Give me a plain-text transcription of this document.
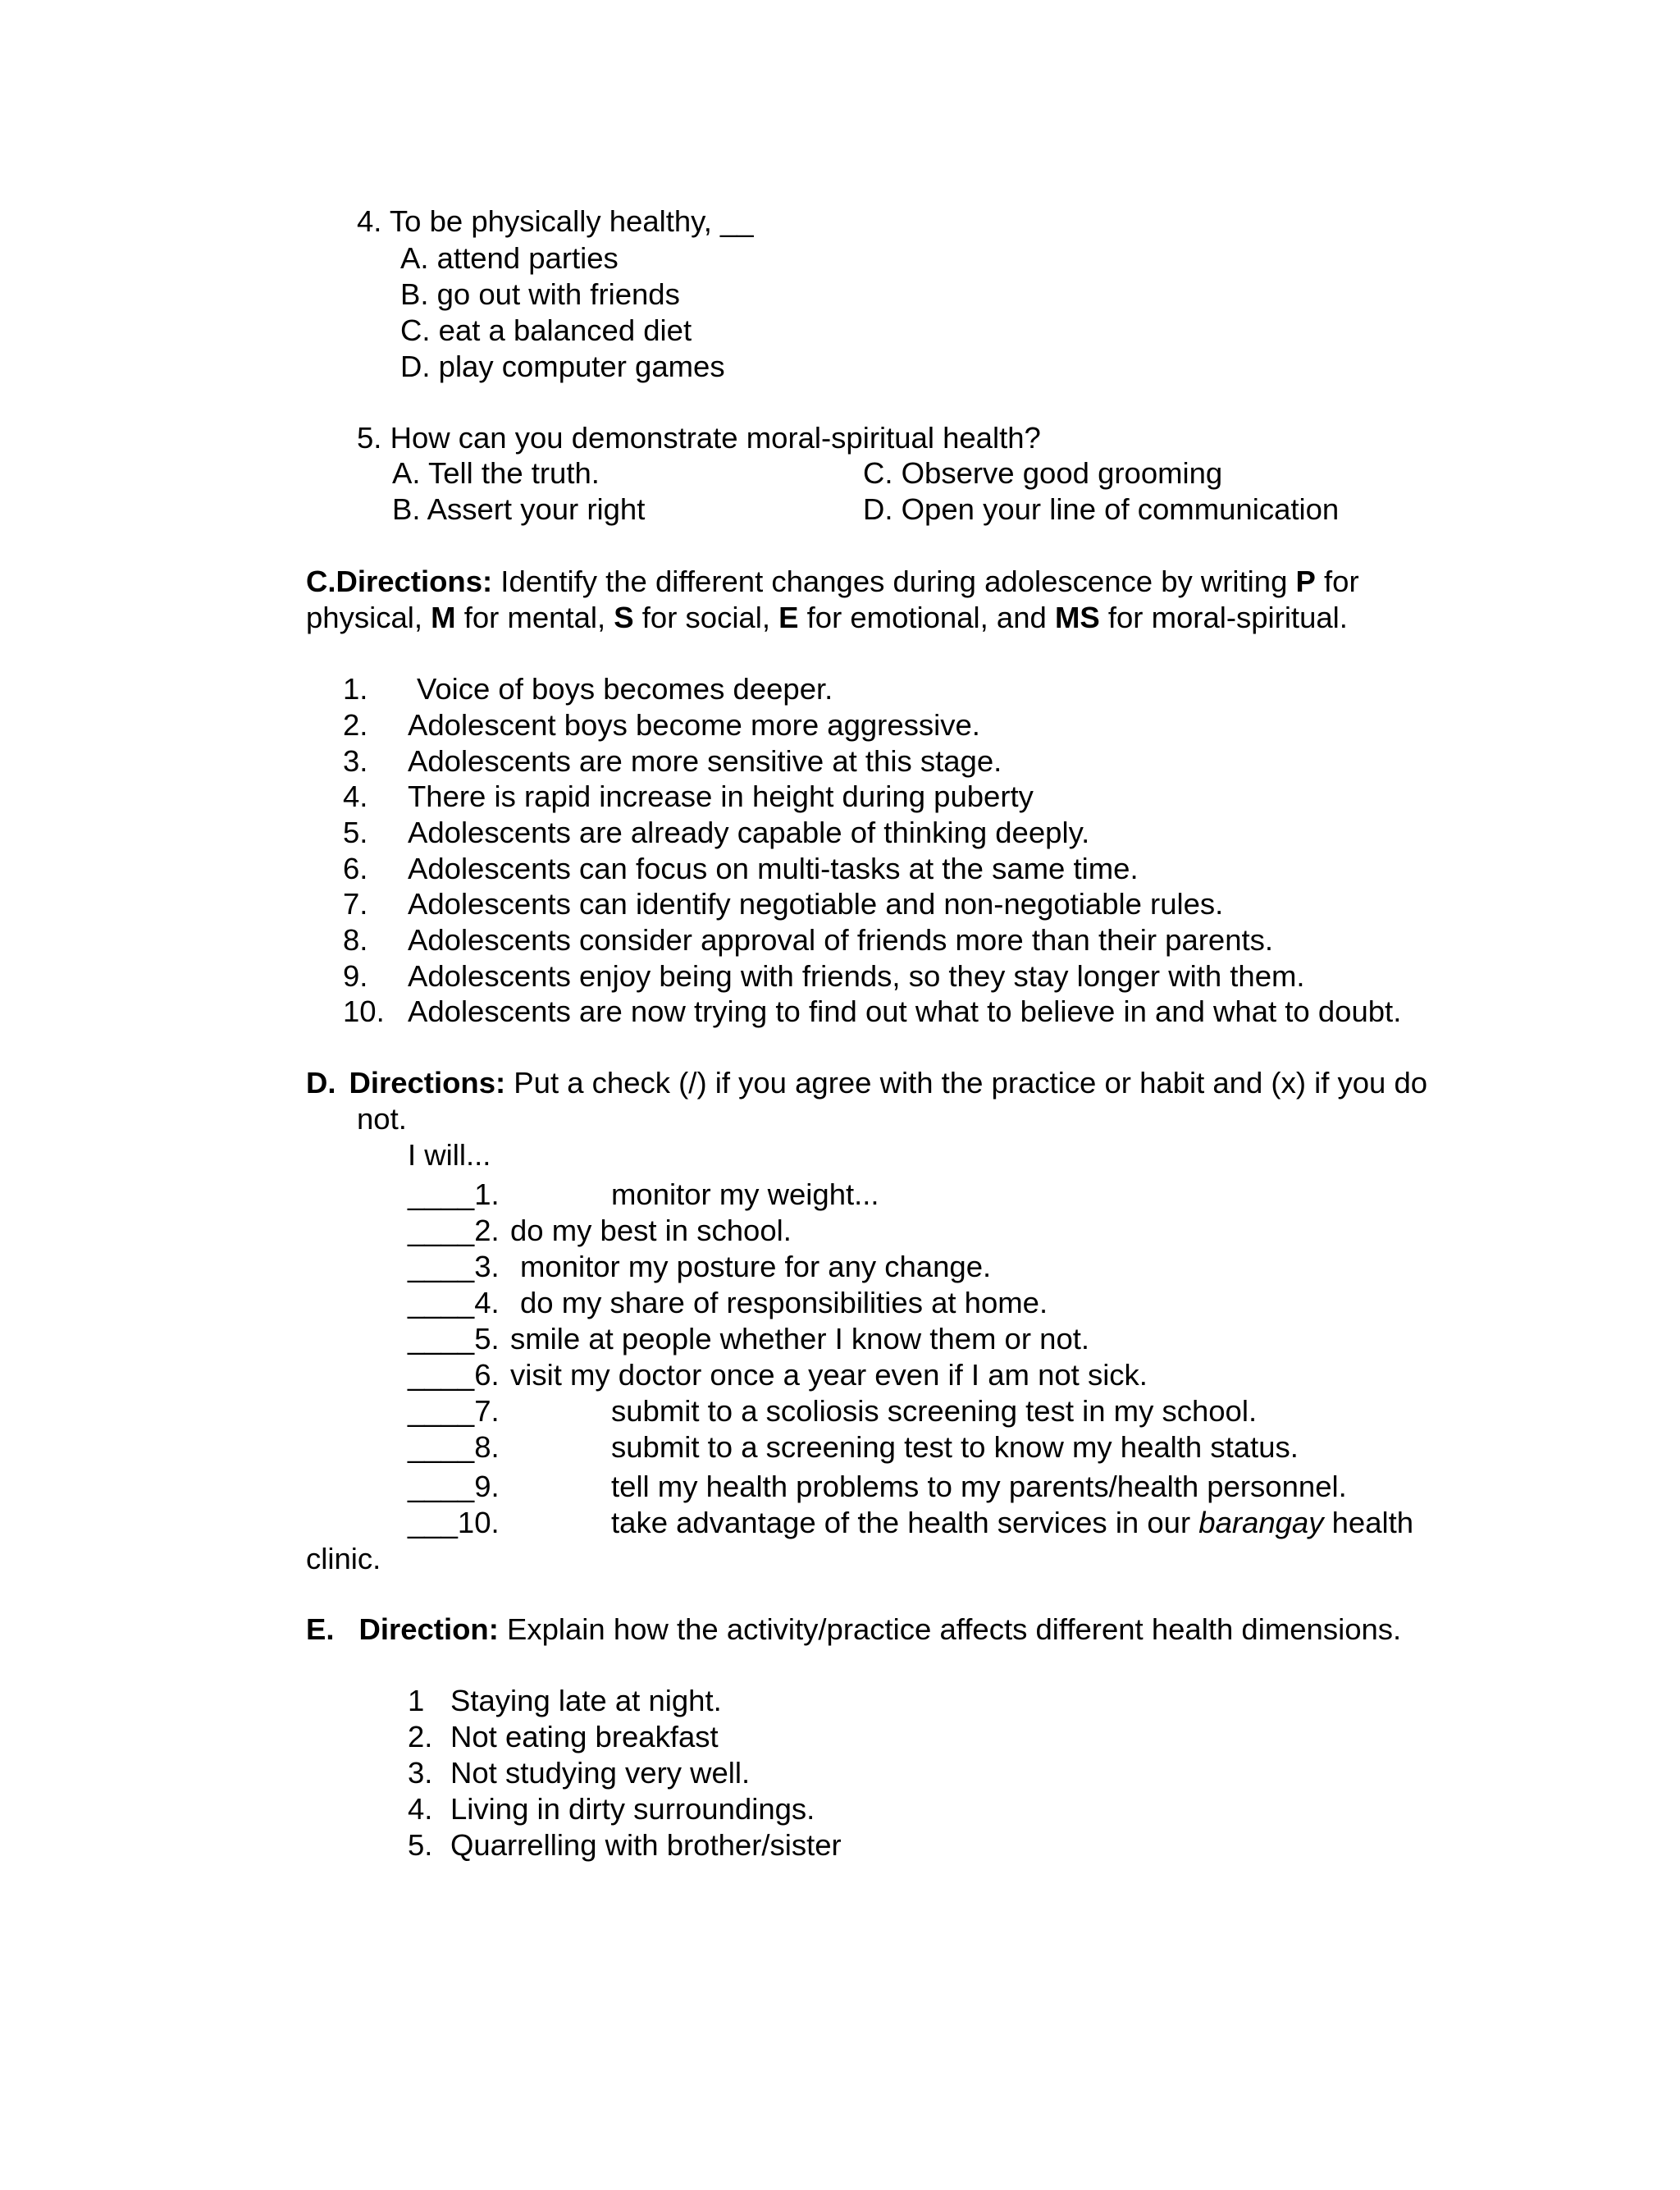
4. To be physically healthy, __
A. attend parties
B. go out with friends
C. eat a balanced diet
D. play computer games
5. How can you demonstrate moral-spiritual health?
A. Tell the truth.	C. Observe good grooming
B. Assert your right	D. Open your line of communication
C.Directions: Identify the different changes during adolescence by writing P for
physical, M for mental, S for social, E for emotional, and MS for moral-spiritual.
1. Voice of boys becomes deeper.
2. Adolescent boys become more aggressive.
3. Adolescents are more sensitive at this stage.
4. There is rapid increase in height during puberty
5. Adolescents are already capable of thinking deeply.
6. Adolescents can focus on multi-tasks at the same time.
7. Adolescents can identify negotiable and non-negotiable rules.
8. Adolescents consider approval of friends more than their parents.
9. Adolescents enjoy being with friends, so they stay longer with them.
10. Adolescents are now trying to find out what to believe in and what to doubt.
D. Directions: Put a check (/) if you agree with the practice or habit and (x) if you do
not.
I will...
____1.	monitor my weight...
____2. do my best in school.
____3. monitor my posture for any change.
____4. do my share of responsibilities at home.
____5. smile at people whether I know them or not.
____6. visit my doctor once a year even if I am not sick.
____7.	submit to a scoliosis screening test in my school.
____8.	submit to a screening test to know my health status.
____9.	tell my health problems to my parents/health personnel.
___10.	take advantage of the health services in our barangay health
clinic.
E. Direction: Explain how the activity/practice affects different health dimensions.
1 Staying late at night.
2. Not eating breakfast
3. Not studying very well.
4. Living in dirty surroundings.
5. Quarrelling with brother/sister
